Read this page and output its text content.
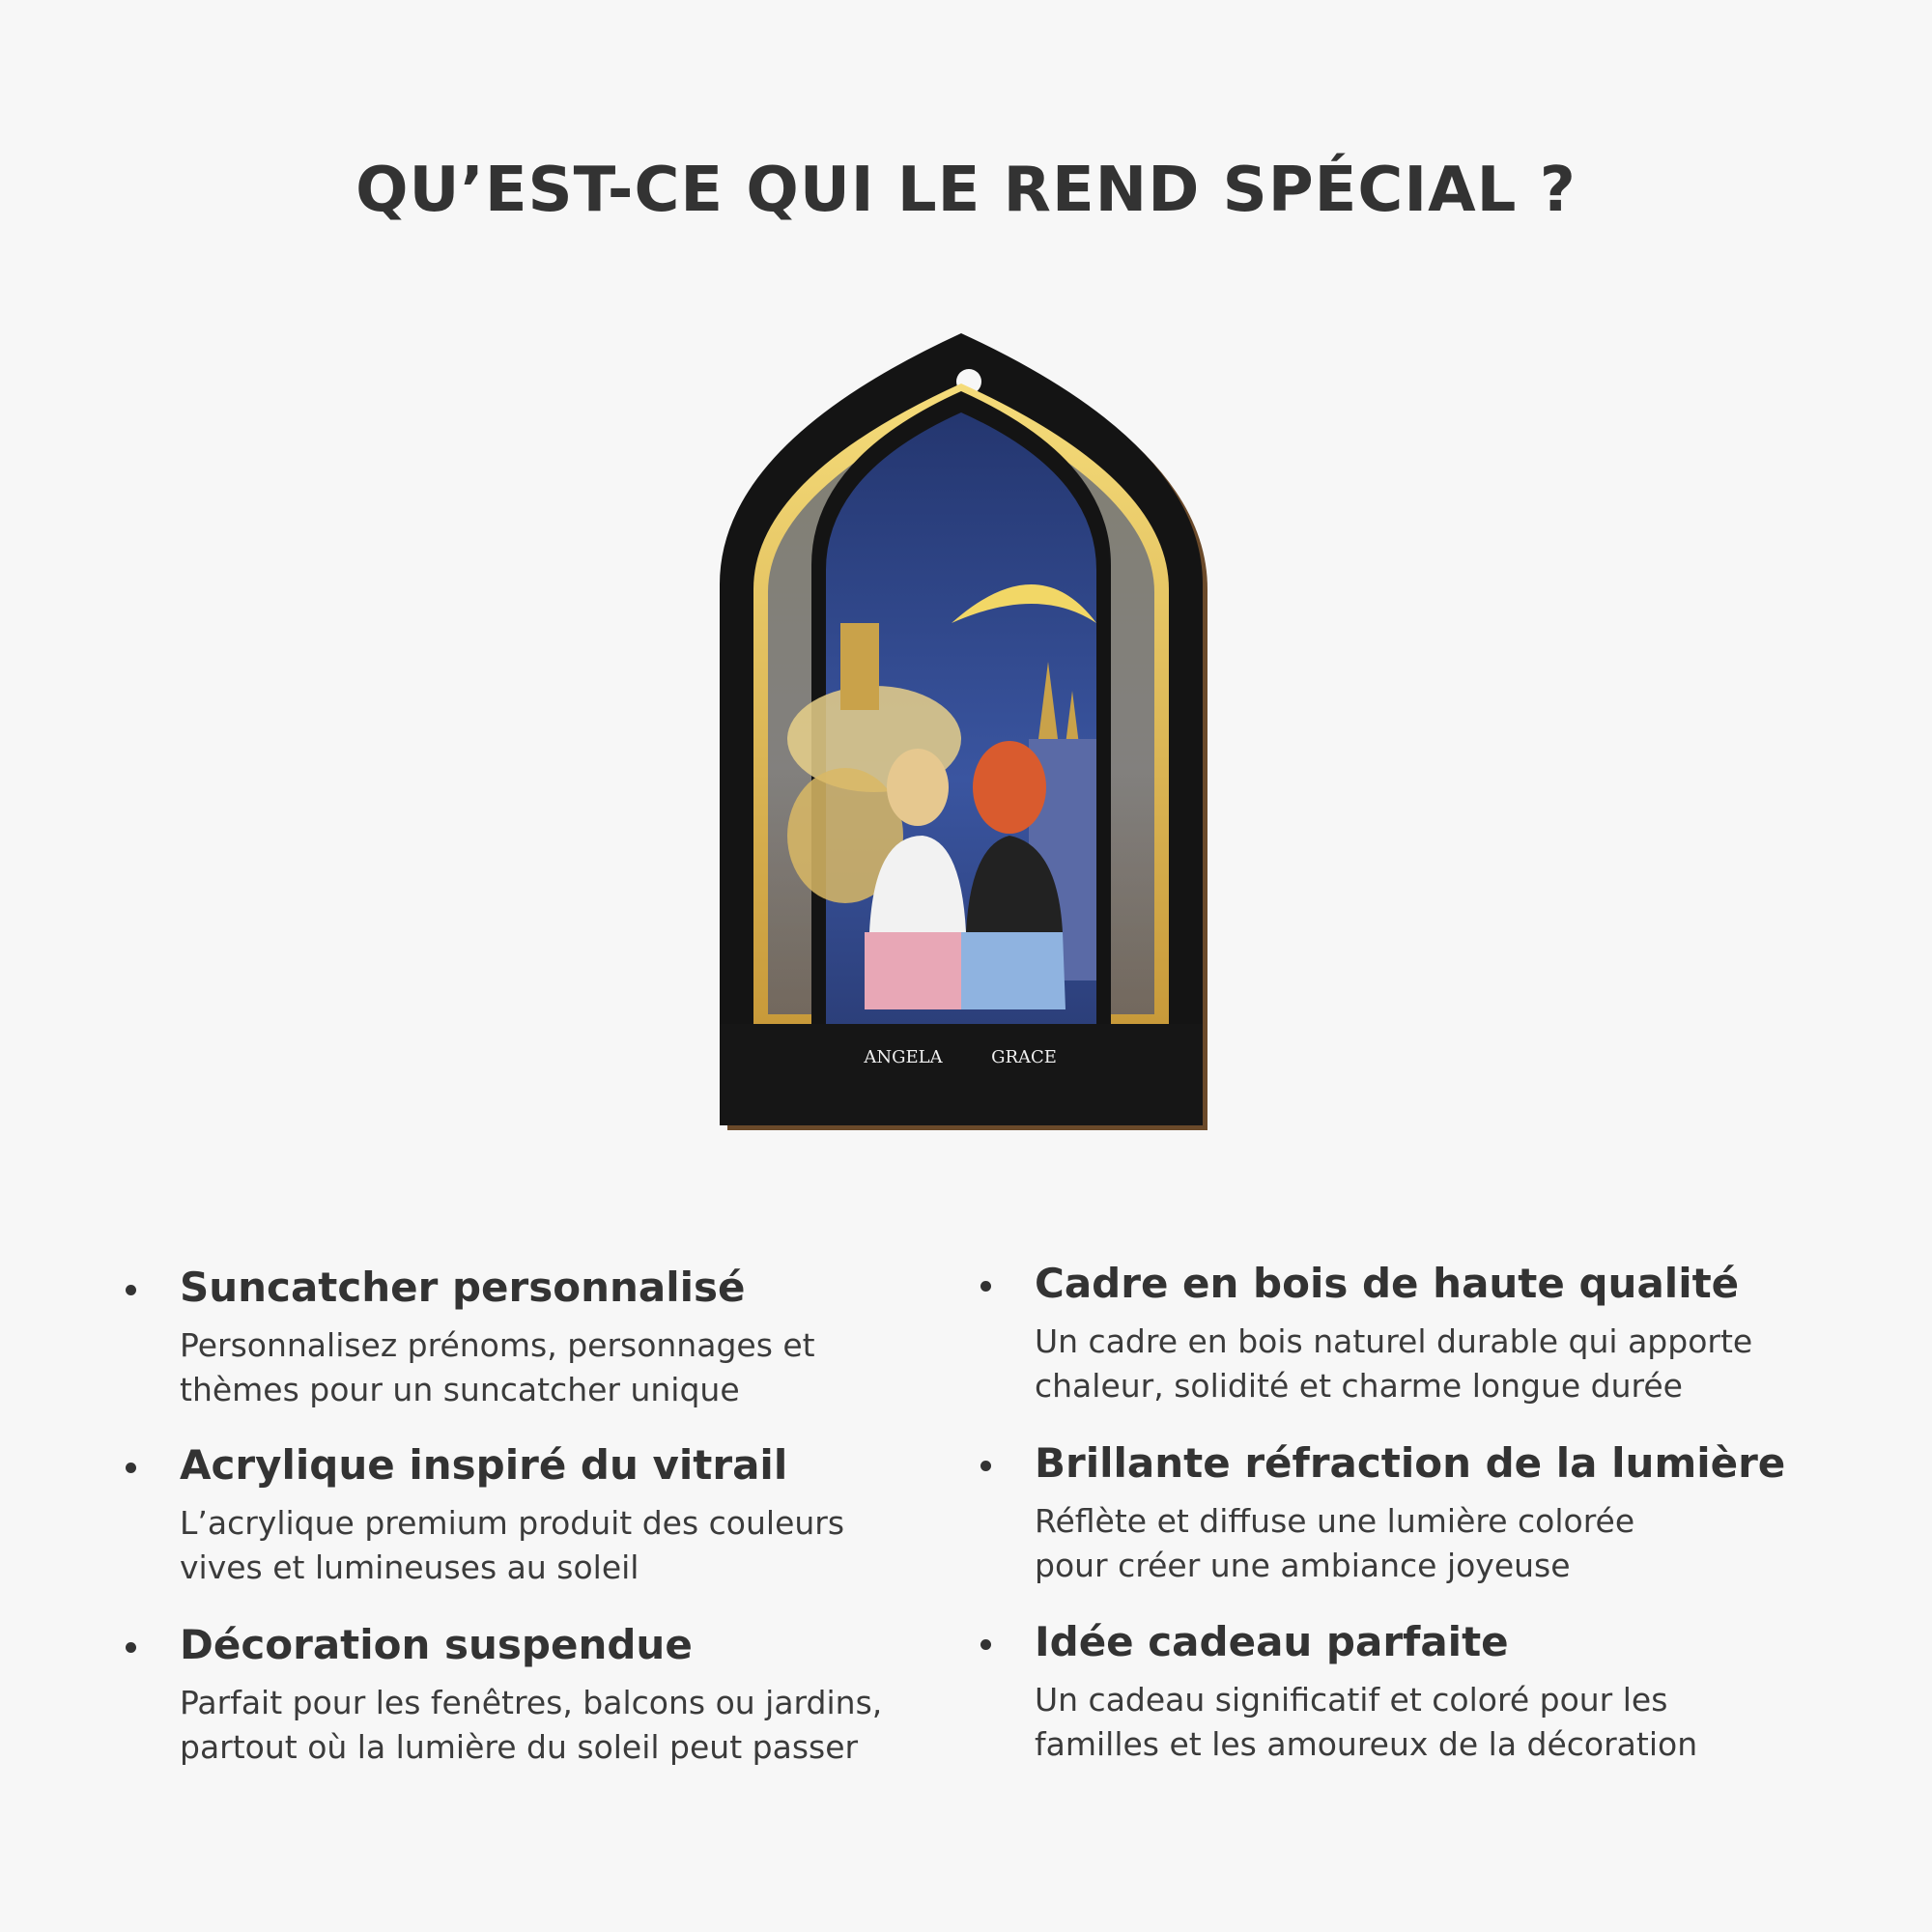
QU’EST-CE QUI LE REND SPÉCIAL ?
ANGELA	GRACE
Suncatcher personnalisé

Personnalisez prénoms, personnages et
thèmes pour un suncatcher unique

Acrylique inspiré du vitrail

L’acrylique premium produit des couleurs
vives et lumineuses au soleil

Décoration suspendue

Parfait pour les fenêtres, balcons ou jardins,
partout où la lumière du soleil peut passer

Cadre en bois de haute qualité

Un cadre en bois naturel durable qui apporte
chaleur, solidité et charme longue durée

Brillante réfraction de la lumière

Réflète et diffuse une lumière colorée
pour créer une ambiance joyeuse

Idée cadeau parfaite

Un cadeau significatif et coloré pour les
familles et les amoureux de la décoration
